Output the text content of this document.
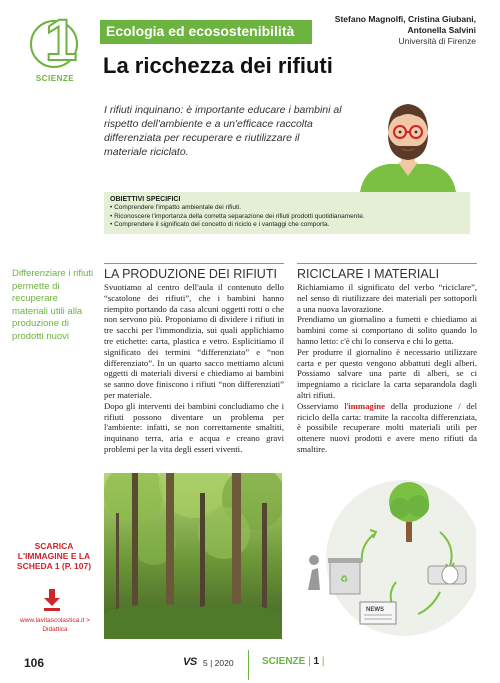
1
SCIENZE
Ecologia ed ecosostenibilità
Stefano Magnolfi, Cristina Giubani,
Antonella Salvini
Università di Firenze
La ricchezza dei rifiuti

I rifiuti inquinano: è importante educare i bambini al rispetto dell'ambiente e a un'efficace raccolta differenziata per recuperare e riutilizzare il materiale riciclato.

OBIETTIVI SPECIFICI
• Comprendere l'impatto ambientale dei rifiuti.
• Riconoscere l'importanza della corretta separazione dei rifiuti prodotti quotidianamente.
• Comprendere il significato del concetto di riciclo e i vantaggi che comporta.
Differenziare i rifiuti permette di recuperare materiali utili alla produzione di prodotti nuovi
LA PRODUZIONE DEI RIFIUTI

Svuotiamo al centro dell'aula il contenuto dello “scatolone dei rifiuti”, che i bambini hanno riempito portando da casa alcuni oggetti rotti o che non servono più. Proponiamo di dividere i rifiuti in tre sacchi per l'immondizia, sui quali applichiamo tre etichette: carta, plastica e vetro. Esplicitiamo il significato dei termini “differenziato” e “non differenziato”. In un quarto sacco mettiamo alcuni oggetti di materiali diversi e chiediamo ai bambini se sanno dove finiscono i rifiuti “non differenziati” per materiale.

Dopo gli interventi dei bambini concludiamo che i rifiuti possono diventare un problema per l'ambiente: infatti, se non correttamente smaltiti, inquinano terra, aria e acqua e creano gravi problemi per la vita degli esseri viventi.

RICICLARE I MATERIALI

Richiamiamo il significato del verbo “riciclare”, nel senso di riutilizzare dei materiali per sottoporli a una nuova lavorazione.

Prendiamo un giornalino a fumetti e chiediamo ai bambini come si comportano di solito quando lo hanno letto: c'è chi lo conserva e chi lo getta.

Per produrre il giornalino è necessario utilizzare carta e per questo vengono abbattuti degli alberi. Possiamo salvare una parte di alberi, se ci impegniamo a riciclare la carta separandola dagli altri rifiuti.

Osserviamo l'immagine della produzione / del riciclo della carta: tramite la raccolta differenziata, è possibile recuperare molti materiali utili per ottenere nuovi prodotti e avere meno rifiuti da smaltire.

♻
NEWS
SCARICA L'IMMAGINE E LA SCHEDA 1 (P. 107)
www.lavitascolastica.it > Didattica
106	VS 5 | 2020	SCIENZE | 1 |
